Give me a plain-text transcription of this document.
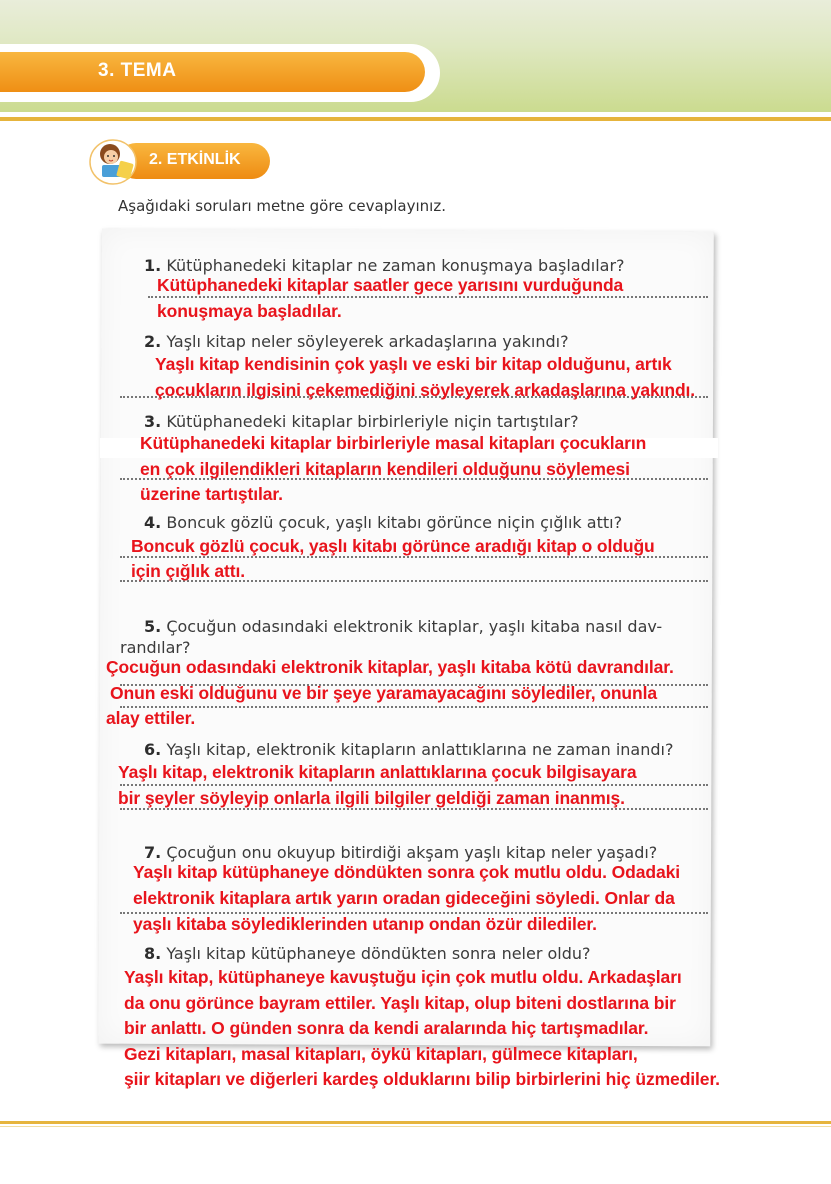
3. TEMA
2. ETKİNLİK
Aşağıdaki soruları metne göre cevaplayınız.
1. Kütüphanedeki kitaplar ne zaman konuşmaya başladılar?
2. Yaşlı kitap neler söyleyerek arkadaşlarına yakındı?
3. Kütüphanedeki kitaplar birbirleriyle niçin tartıştılar?
4. Boncuk gözlü çocuk, yaşlı kitabı görünce niçin çığlık attı?
5. Çocuğun odasındaki elektronik kitaplar, yaşlı kitaba nasıl dav-
randılar?
6. Yaşlı kitap, elektronik kitapların anlattıklarına ne zaman inandı?
7. Çocuğun onu okuyup bitirdiği akşam yaşlı kitap neler yaşadı?
8. Yaşlı kitap kütüphaneye döndükten sonra neler oldu?
Kütüphanedeki kitaplar saatler gece yarısını vurduğunda
konuşmaya başladılar.
Yaşlı kitap kendisinin çok yaşlı ve eski bir kitap olduğunu, artık
çocukların ilgisini çekemediğini söyleyerek arkadaşlarına yakındı.
Kütüphanedeki kitaplar birbirleriyle masal kitapları çocukların
en çok ilgilendikleri kitapların kendileri olduğunu söylemesi
üzerine tartıştılar.
Boncuk gözlü çocuk, yaşlı kitabı görünce aradığı kitap o olduğu
için çığlık attı.
Çocuğun odasındaki elektronik kitaplar, yaşlı kitaba kötü davrandılar.
Onun eski olduğunu ve bir şeye yaramayacağını söylediler, onunla
alay ettiler.
Yaşlı kitap, elektronik kitapların anlattıklarına çocuk bilgisayara
bir şeyler söyleyip onlarla ilgili bilgiler geldiği zaman inanmış.
Yaşlı kitap kütüphaneye döndükten sonra çok mutlu oldu. Odadaki
elektronik kitaplara artık yarın oradan gideceğini söyledi. Onlar da
yaşlı kitaba söylediklerinden utanıp ondan özür dilediler.
Yaşlı kitap, kütüphaneye kavuştuğu için çok mutlu oldu. Arkadaşları
da onu görünce bayram ettiler. Yaşlı kitap, olup biteni dostlarına bir
bir anlattı. O günden sonra da kendi aralarında hiç tartışmadılar.
Gezi kitapları, masal kitapları, öykü kitapları, gülmece kitapları,
şiir kitapları ve diğerleri kardeş olduklarını bilip birbirlerini hiç üzmediler.
